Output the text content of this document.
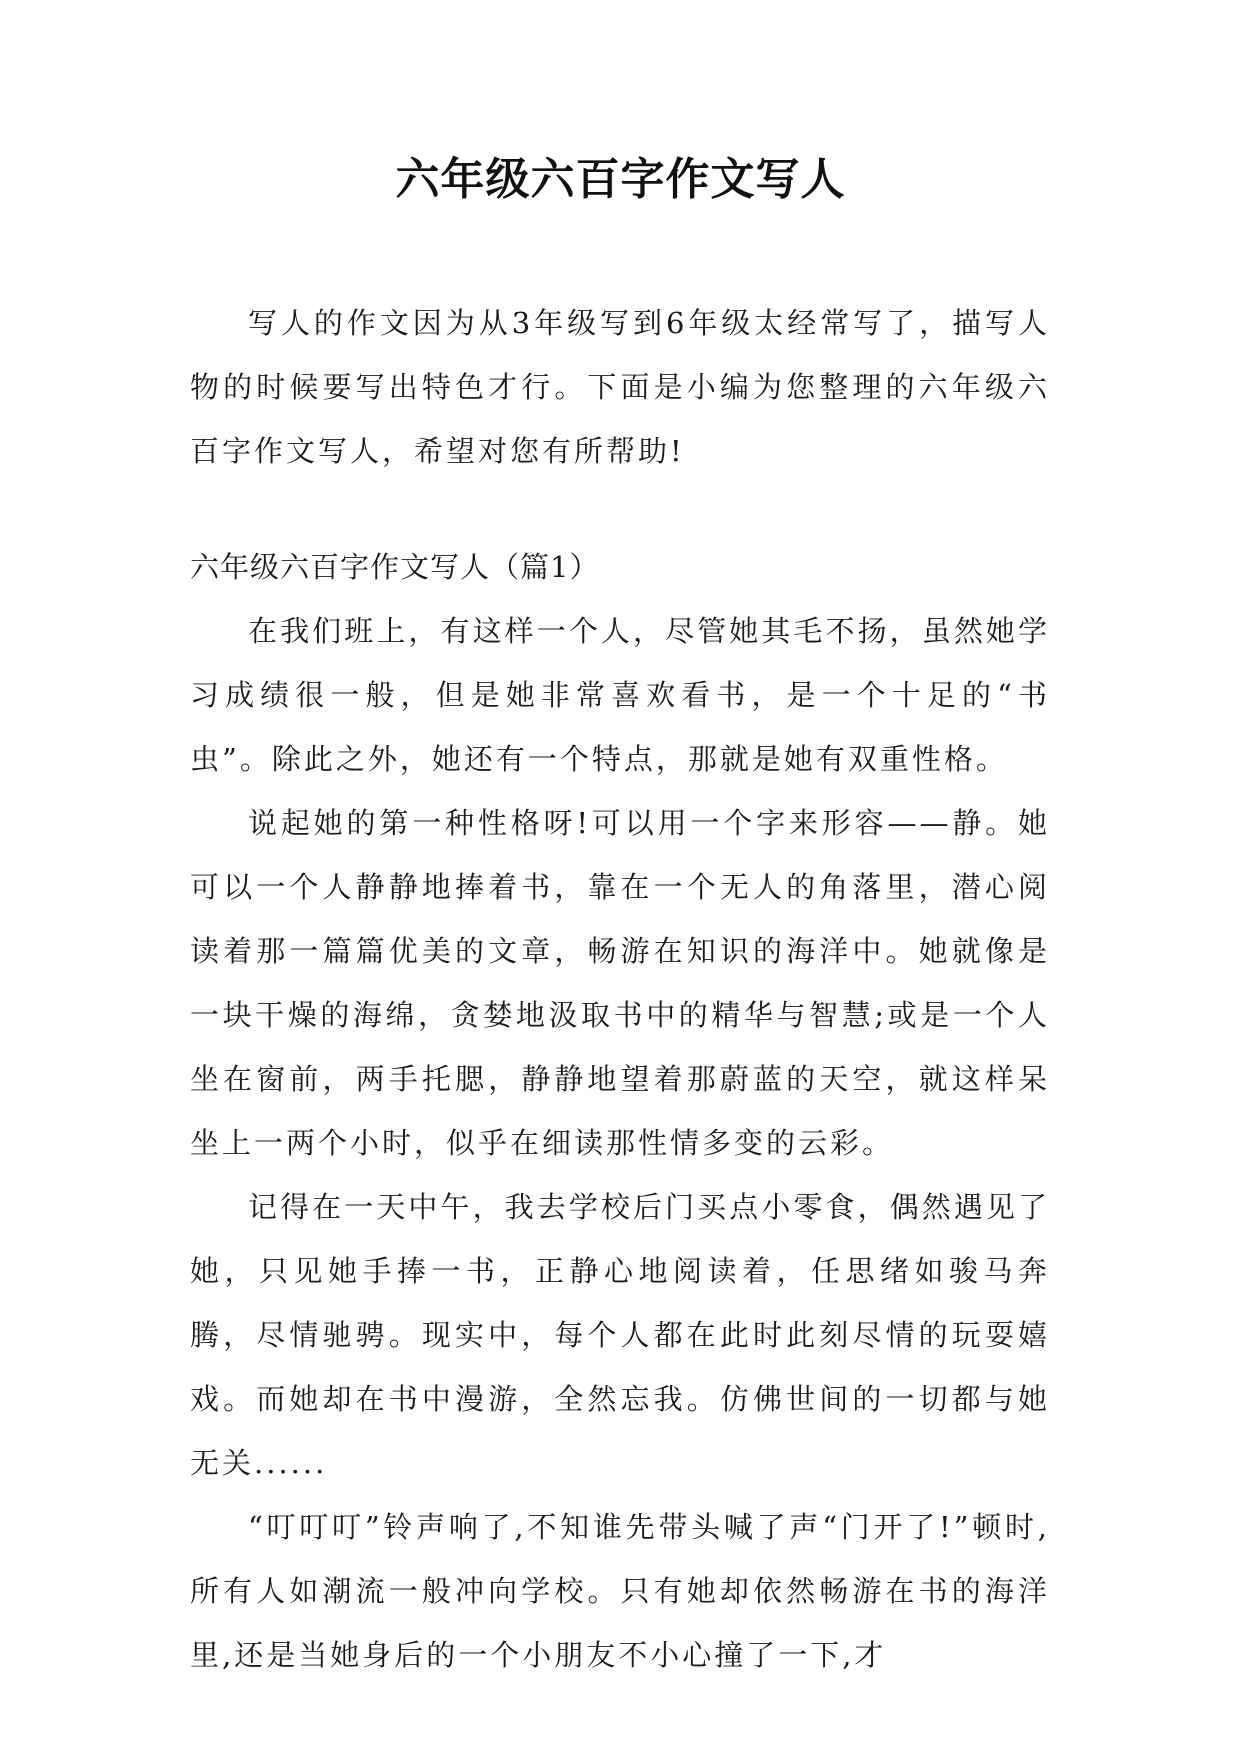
六年级六百字作文写人

写人的作文因为从3年级写到6年级太经常写了，描写人物的时候要写出特色才行。下面是小编为您整理的六年级六百字作文写人，希望对您有所帮助!

六年级六百字作文写人（篇1）

在我们班上，有这样一个人，尽管她其毛不扬，虽然她学习成绩很一般，但是她非常喜欢看书，是一个十足的“书虫”。除此之外，她还有一个特点，那就是她有双重性格。

说起她的第一种性格呀!可以用一个字来形容——静。她可以一个人静静地捧着书，靠在一个无人的角落里，潜心阅读着那一篇篇优美的文章，畅游在知识的海洋中。她就像是一块干燥的海绵，贪婪地汲取书中的精华与智慧;或是一个人坐在窗前，两手托腮，静静地望着那蔚蓝的天空，就这样呆坐上一两个小时，似乎在细读那性情多变的云彩。

记得在一天中午，我去学校后门买点小零食，偶然遇见了她，只见她手捧一书，正静心地阅读着，任思绪如骏马奔腾，尽情驰骋。现实中，每个人都在此时此刻尽情的玩耍嬉戏。而她却在书中漫游，全然忘我。仿佛世间的一切都与她无关......

“叮叮叮”铃声响了,不知谁先带头喊了声“门开了!”顿时,所有人如潮流一般冲向学校。只有她却依然畅游在书的海洋里,还是当她身后的一个小朋友不小心撞了一下,才
